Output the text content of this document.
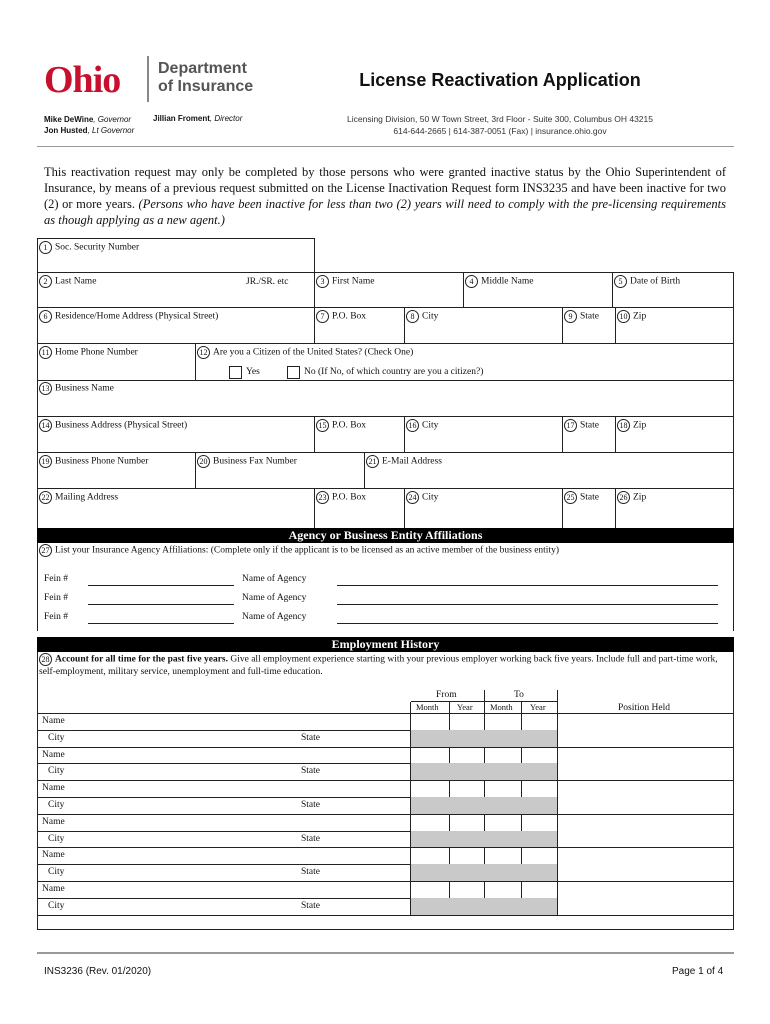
Ohio Department
of Insurance
Mike DeWine, Governor
Jon Husted, Lt Governor
Jillian Froment, Director
License Reactivation Application
Licensing Division, 50 W Town Street, 3rd Floor - Suite 300, Columbus OH 43215
614-644-2665 | 614-387-0051 (Fax) | insurance.ohio.gov
This reactivation request may only be completed by those persons who were granted inactive status by the Ohio Superintendent of Insurance, by means of a previous request submitted on the License Inactivation Request form INS3235 and have been inactive for two (2) or more years. (Persons who have been inactive for less than two (2) years will need to comply with the pre-licensing requirements as though applying as a new agent.)
1 Soc. Security Number
2 Last Name	JR./SR. etc	3 First Name	4 Middle Name	5 Date of Birth
6 Residence/Home Address (Physical Street)	7 P.O. Box	8 City	9 State	10 Zip
11 Home Phone Number	12 Are you a Citizen of the United States? (Check One)
Yes	No (If No, of which country are you a citizen?)
13 Business Name
14 Business Address (Physical Street)	15 P.O. Box	16 City	17 State	18 Zip
19 Business Phone Number	20 Business Fax Number	21 E-Mail Address
22 Mailing Address	23 P.O. Box	24 City	25 State	26 Zip
Agency or Business Entity Affiliations
27 List your Insurance Agency Affiliations: (Complete only if the applicant is to be licensed as an active member of the business entity)
Fein #	Name of Agency
Fein #	Name of Agency
Fein #	Name of Agency
Employment History
28 Account for all time for the past five years. Give all employment experience starting with your previous employer working back five years. Include full and part-time work, self-employment, military service, unemployment and full-time education.
From	To
Month Year Month Year	Position Held
Name
City	State
Name
City	State
Name
City	State
Name
City	State
Name
City	State
Name
City	State
INS3236 (Rev. 01/2020)	Page 1 of 4
